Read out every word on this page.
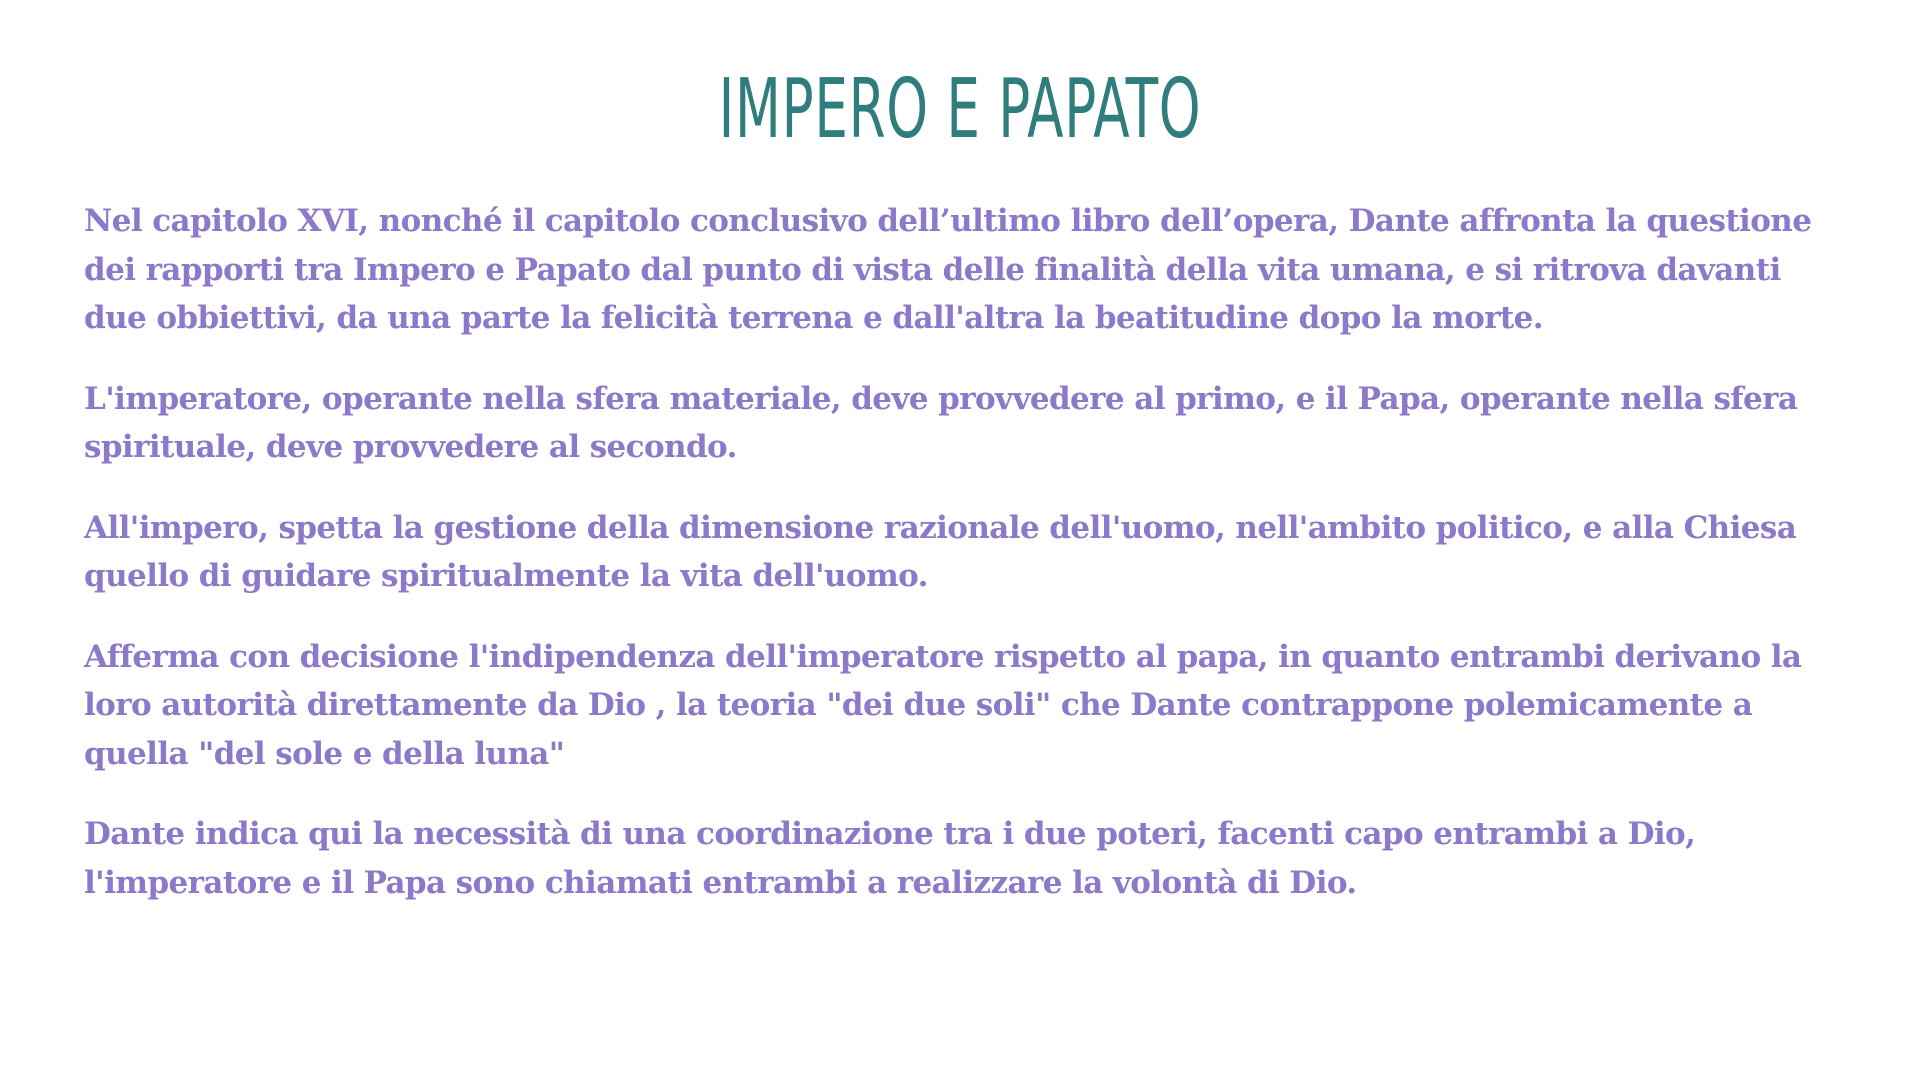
IMPERO E PAPATO

Nel capitolo XVI, nonché il capitolo conclusivo dell’ultimo libro dell’opera, Dante affronta la questione
dei rapporti tra Impero e Papato dal punto di vista delle finalità della vita umana, e si ritrova davanti
due obbiettivi, da una parte la felicità terrena e dall'altra la beatitudine dopo la morte.

L'imperatore, operante nella sfera materiale, deve provvedere al primo, e il Papa, operante nella sfera
spirituale, deve provvedere al secondo.

All'impero, spetta la gestione della dimensione razionale dell'uomo, nell'ambito politico, e alla Chiesa
quello di guidare spiritualmente la vita dell'uomo.

Afferma con decisione l'indipendenza dell'imperatore rispetto al papa, in quanto entrambi derivano la
loro autorità direttamente da Dio , la teoria "dei due soli" che Dante contrappone polemicamente a
quella "del sole e della luna"

Dante indica qui la necessità di una coordinazione tra i due poteri, facenti capo entrambi a Dio,
l'imperatore e il Papa sono chiamati entrambi a realizzare la volontà di Dio.
